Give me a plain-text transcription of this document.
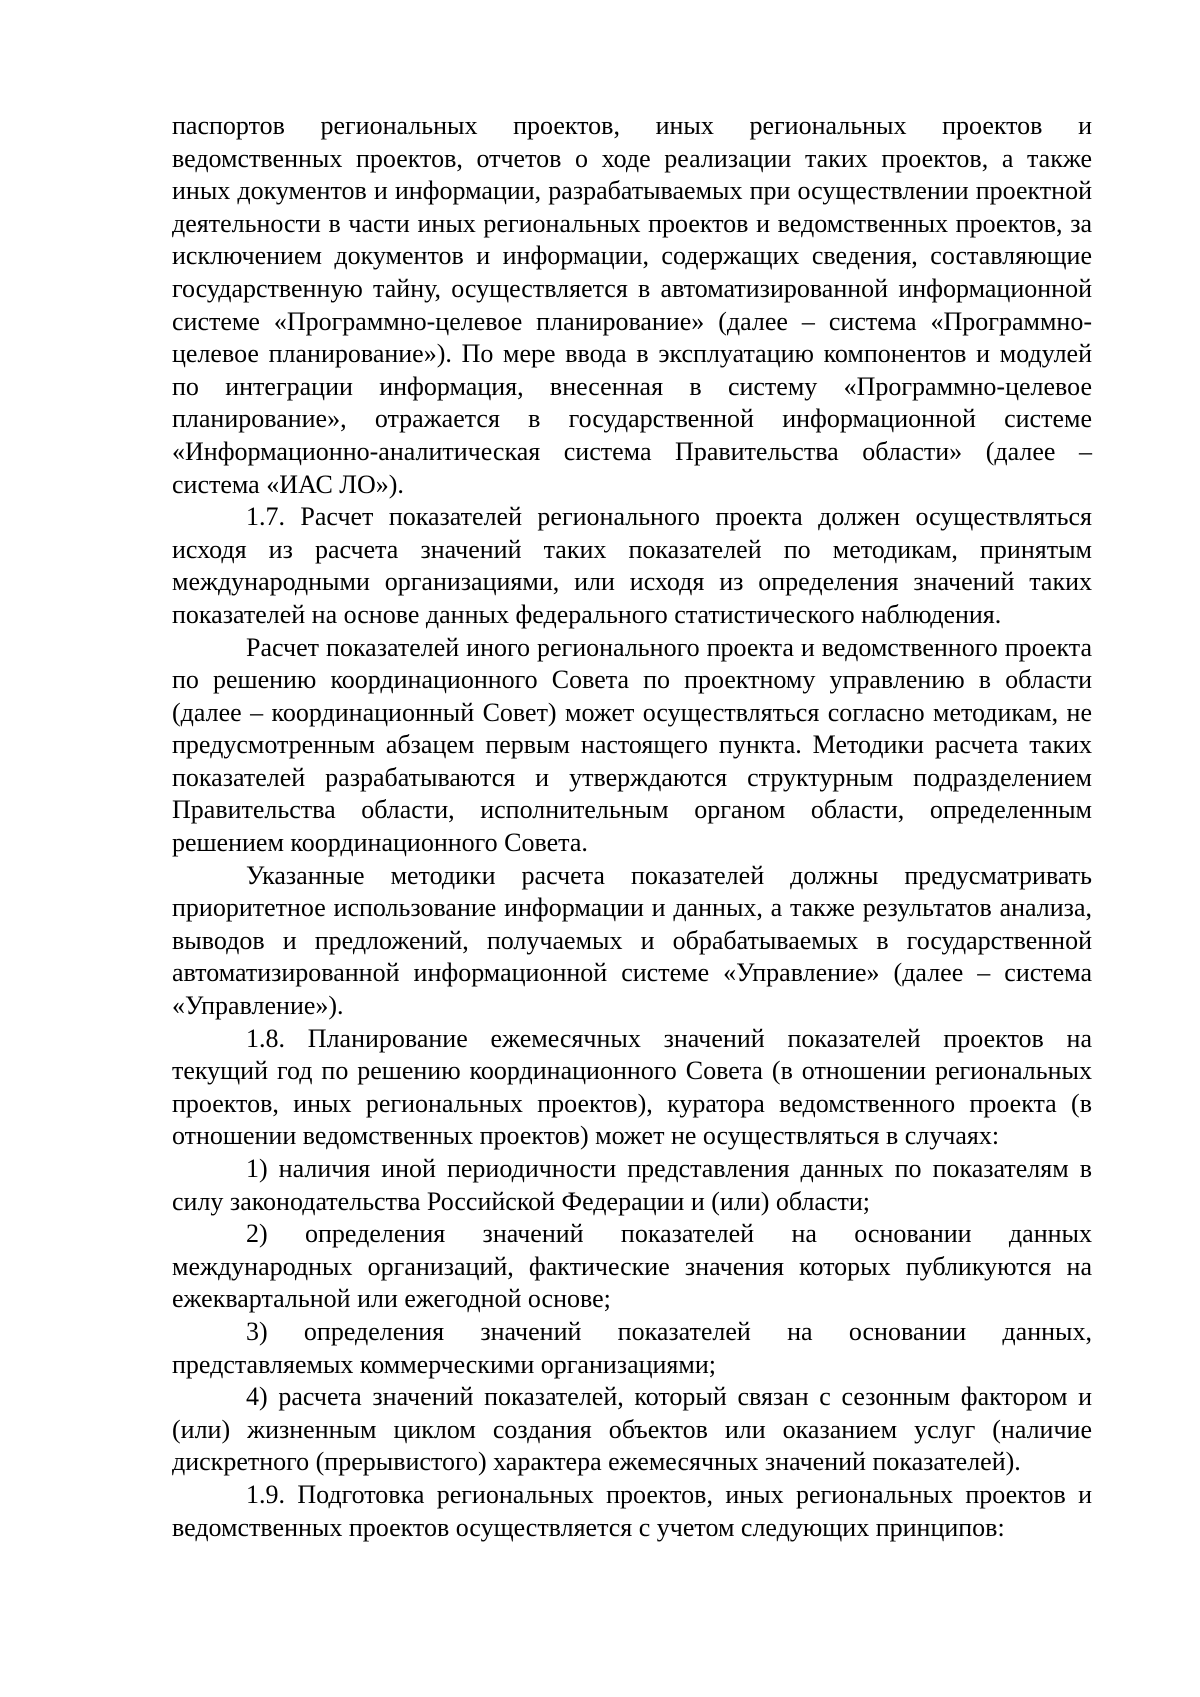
паспортов региональных проектов, иных региональных проектов и ведомственных проектов, отчетов о ходе реализации таких проектов, а также иных документов и информации, разрабатываемых при осуществлении проектной деятельности в части иных региональных проектов и ведомственных проектов, за исключением документов и информации, содержащих сведения, составляющие государственную тайну, осуществляется в автоматизированной информационной системе «Программно-целевое планирование» (далее – система «Программно-целевое планирование»). По мере ввода в эксплуатацию компонентов и модулей по интеграции информация, внесенная в систему «Программно-целевое планирование», отражается в государственной информационной системе «Информационно-аналитическая система Правительства области» (далее – система «ИАС ЛО»).

1.7. Расчет показателей регионального проекта должен осуществляться исходя из расчета значений таких показателей по методикам, принятым международными организациями, или исходя из определения значений таких показателей на основе данных федерального статистического наблюдения.

Расчет показателей иного регионального проекта и ведомственного проекта по решению координационного Совета по проектному управлению в области (далее – координационный Совет) может осуществляться согласно методикам, не предусмотренным абзацем первым настоящего пункта. Методики расчета таких показателей разрабатываются и утверждаются структурным подразделением Правительства области, исполнительным органом области, определенным решением координационного Совета.

Указанные методики расчета показателей должны предусматривать приоритетное использование информации и данных, а также результатов анализа, выводов и предложений, получаемых и обрабатываемых в государственной автоматизированной информационной системе «Управление» (далее – система «Управление»).

1.8. Планирование ежемесячных значений показателей проектов на текущий год по решению координационного Совета (в отношении региональных проектов, иных региональных проектов), куратора ведомственного проекта (в отношении ведомственных проектов) может не осуществляться в случаях:

1) наличия иной периодичности представления данных по показателям в силу законодательства Российской Федерации и (или) области;

2) определения значений показателей на основании данных международных организаций, фактические значения которых публикуются на ежеквартальной или ежегодной основе;

3) определения значений показателей на основании данных, представляемых коммерческими организациями;

4) расчета значений показателей, который связан с сезонным фактором и (или) жизненным циклом создания объектов или оказанием услуг (наличие дискретного (прерывистого) характера ежемесячных значений показателей).

1.9. Подготовка региональных проектов, иных региональных проектов и ведомственных проектов осуществляется с учетом следующих принципов:
